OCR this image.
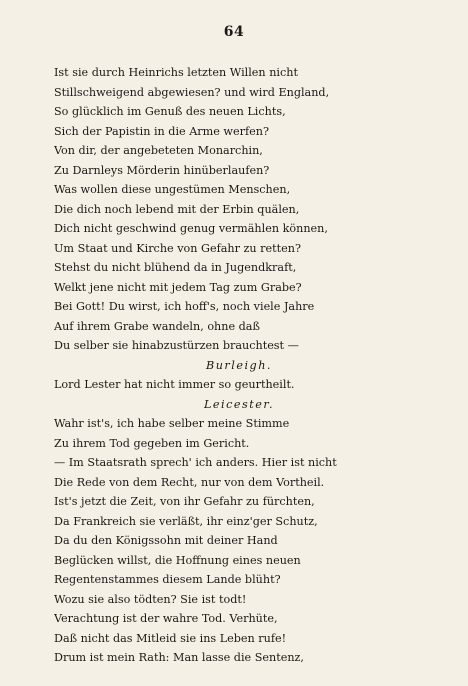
64
Ist sie durch Heinrichs letzten Willen nicht
Stillschweigend abgewiesen? und wird England,
So glücklich im Genuß des neuen Lichts,
Sich der Papistin in die Arme werfen?
Von dir, der angebeteten Monarchin,
Zu Darnleys Mörderin hinüberlaufen?
Was wollen diese ungestümen Menschen,
Die dich noch lebend mit der Erbin quälen,
Dich nicht geschwind genug vermählen können,
Um Staat und Kirche von Gefahr zu retten?
Stehst du nicht blühend da in Jugendkraft,
Welkt jene nicht mit jedem Tag zum Grabe?
Bei Gott! Du wirst, ich hoff's, noch viele Jahre
Auf ihrem Grabe wandeln, ohne daß
Du selber sie hinabzustürzen brauchtest —
Burleigh.
Lord Lester hat nicht immer so geurtheilt.
Leicester.
Wahr ist's, ich habe selber meine Stimme
Zu ihrem Tod gegeben im Gericht.
— Im Staatsrath sprech' ich anders. Hier ist nicht
Die Rede von dem Recht, nur von dem Vortheil.
Ist's jetzt die Zeit, von ihr Gefahr zu fürchten,
Da Frankreich sie verläßt, ihr einz'ger Schutz,
Da du den Königssohn mit deiner Hand
Beglücken willst, die Hoffnung eines neuen
Regentenstammes diesem Lande blüht?
Wozu sie also tödten? Sie ist todt!
Verachtung ist der wahre Tod. Verhüte,
Daß nicht das Mitleid sie ins Leben rufe!
Drum ist mein Rath: Man lasse die Sentenz,
